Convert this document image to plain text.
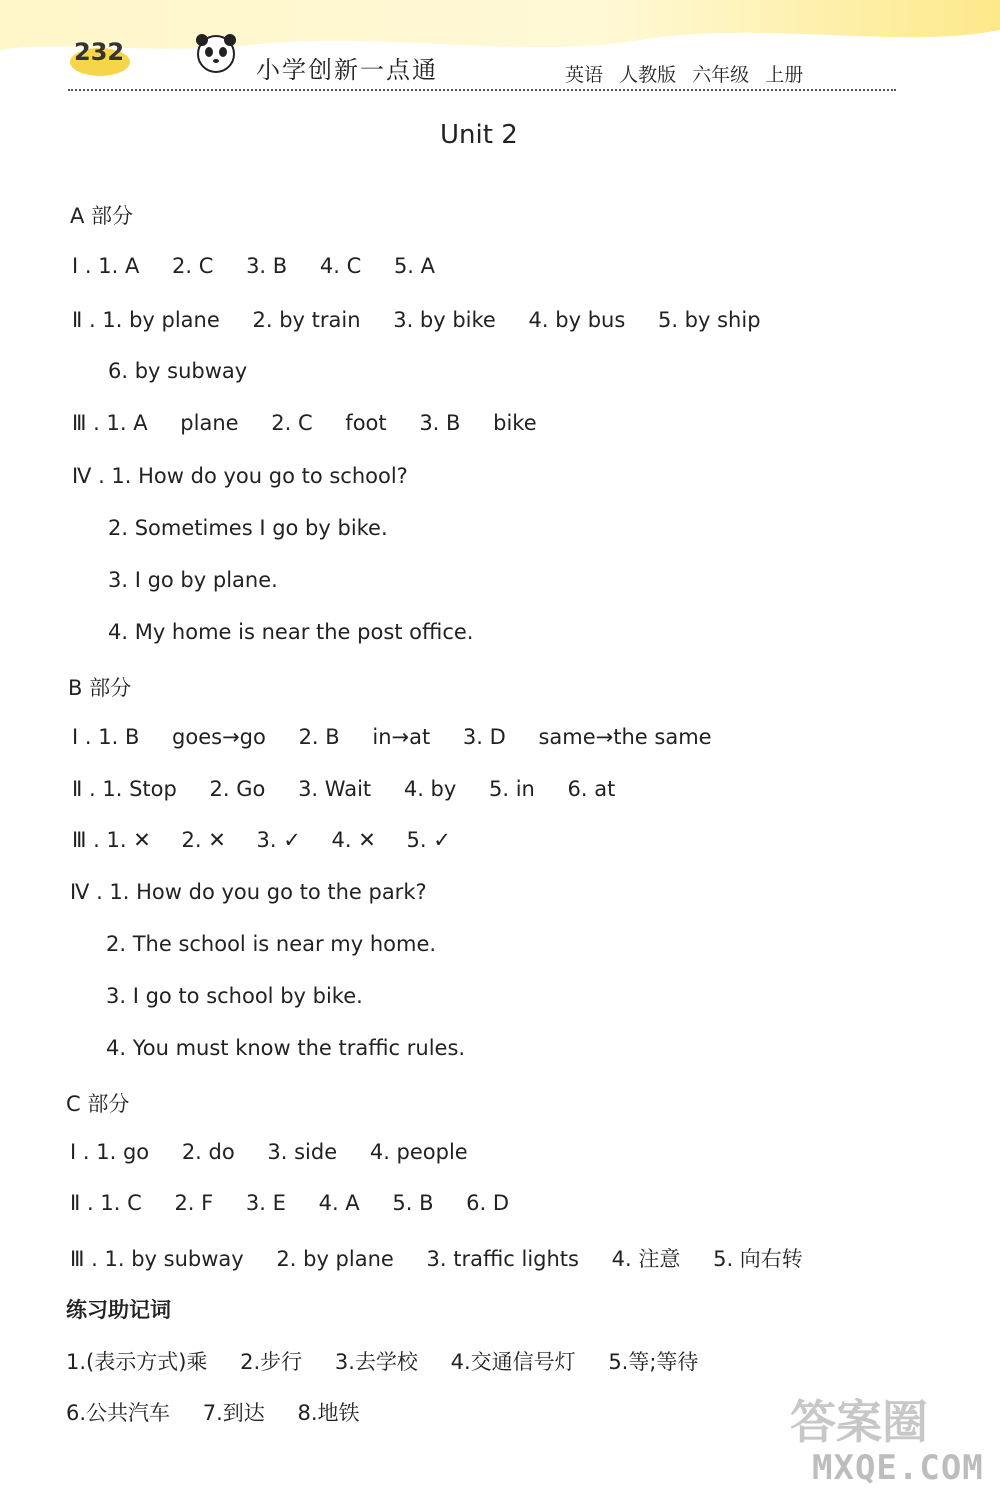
232
小学创新一点通	英语 人教版 六年级 上册
Unit 2
A 部分
Ⅰ . 1. A 2. C 3. B 4. C 5. A
Ⅱ . 1. by plane 2. by train 3. by bike 4. by bus 5. by ship
6. by subway
Ⅲ . 1. A plane 2. C foot 3. B bike
Ⅳ . 1. How do you go to school?
2. Sometimes I go by bike.
3. I go by plane.
4. My home is near the post office.
B 部分
Ⅰ . 1. B goes→go 2. B in→at 3. D same→the same
Ⅱ . 1. Stop 2. Go 3. Wait 4. by 5. in 6. at
Ⅲ . 1. ✕ 2. ✕ 3. ✓ 4. ✕ 5. ✓
Ⅳ . 1. How do you go to the park?
2. The school is near my home.
3. I go to school by bike.
4. You must know the traffic rules.
C 部分
Ⅰ . 1. go 2. do 3. side 4. people
Ⅱ . 1. C 2. F 3. E 4. A 5. B 6. D
Ⅲ . 1. by subway 2. by plane 3. traffic lights 4. 注意 5. 向右转
练习助记词
1.(表示方式)乘 2.步行 3.去学校 4.交通信号灯 5.等;等待
6.公共汽车 7.到达 8.地铁	答案圈
MXQE.COM
